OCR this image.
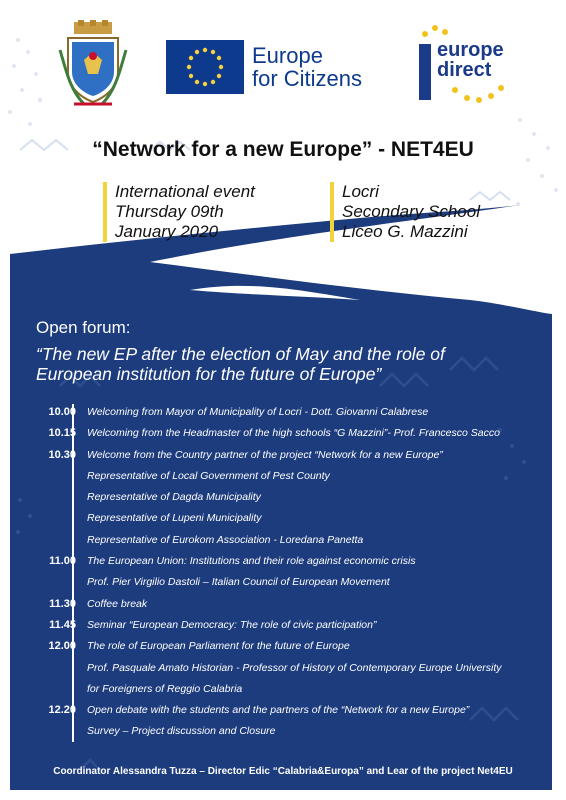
Europe
for Citizens
europe
direct
“Network for a new Europe” - NET4EU
International event
Thursday 09th
January 2020
Locri
Secondary School
Liceo G. Mazzini
Open forum:
“The new EP after the election of May and the role of European institution for the future of Europe”
10.00 Welcoming from Mayor of Municipality of Locri - Dott. Giovanni Calabrese
10.15 Welcoming from the Headmaster of the high schools “G Mazzini”- Prof. Francesco Sacco
10.30 Welcome from the Country partner of the project “Network for a new Europe”
Representative of Local Government of Pest County
Representative of Dagda Municipality
Representative of Lupeni Municipality
Representative of Eurokom Association - Loredana Panetta
11.00 The European Union: Institutions and their role against economic crisis
Prof. Pier Virgilio Dastoli – Italian Council of European Movement
11.30 Coffee break
11.45 Seminar “European Democracy: The role of civic participation”
12.00 The role of European Parliament for the future of Europe
Prof. Pasquale Amato Historian - Professor of History of Contemporary Europe University
for Foreigners of Reggio Calabria
12.20 Open debate with the students and the partners of the “Network for a new Europe”
Survey – Project discussion and Closure
Coordinator Alessandra Tuzza – Director Edic “Calabria&Europa” and Lear of the project Net4EU
